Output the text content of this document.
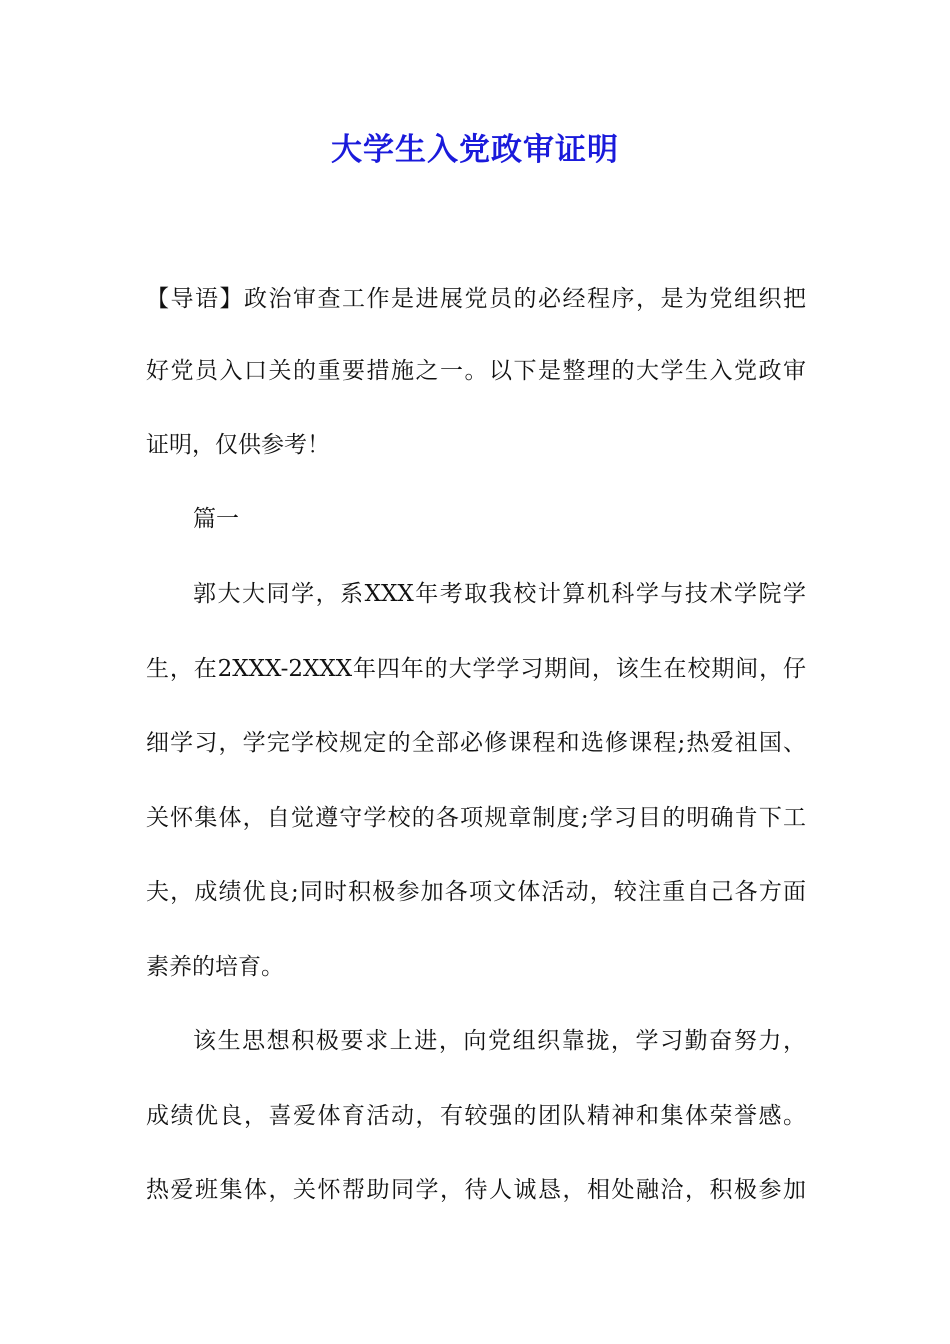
大学生入党政审证明
【导语】政治审查工作是进展党员的必经程序，是为党组织把
好党员入口关的重要措施之一。以下是整理的大学生入党政审
证明，仅供参考！
篇一
郭大大同学，系XXX年考取我校计算机科学与技术学院学
生，在2XXX-2XXX年四年的大学学习期间，该生在校期间，仔
细学习，学完学校规定的全部必修课程和选修课程;热爱祖国、
关怀集体，自觉遵守学校的各项规章制度;学习目的明确肯下工
夫，成绩优良;同时积极参加各项文体活动，较注重自己各方面
素养的培育。
该生思想积极要求上进，向党组织靠拢，学习勤奋努力，
成绩优良，喜爱体育活动，有较强的团队精神和集体荣誉感。
热爱班集体，关怀帮助同学，待人诚恳，相处融洽，积极参加
